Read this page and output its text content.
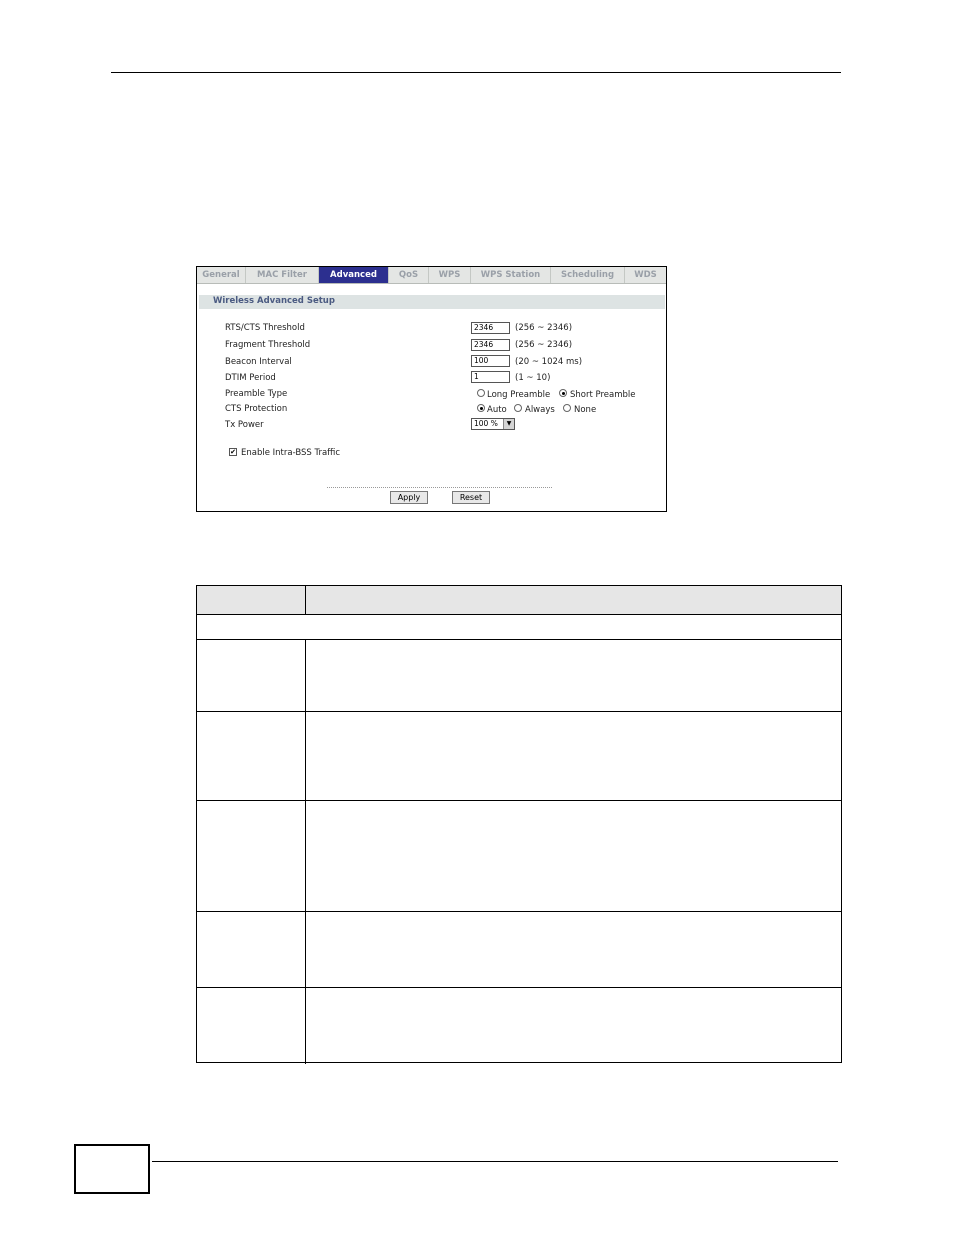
General	MAC Filter	Advanced	QoS	WPS	WPS Station	Scheduling	WDS
Wireless Advanced Setup
RTS/CTS Threshold	2346	(256 ~ 2346)
Fragment Threshold	2346	(256 ~ 2346)
Beacon Interval	100	(20 ~ 1024 ms)
DTIM Period	1	(1 ~ 10)
Preamble Type	Long Preamble Short Preamble
CTS Protection	Auto Always None
Tx Power	100 %	▼
✔ Enable Intra-BSS Traffic
Apply	Reset
